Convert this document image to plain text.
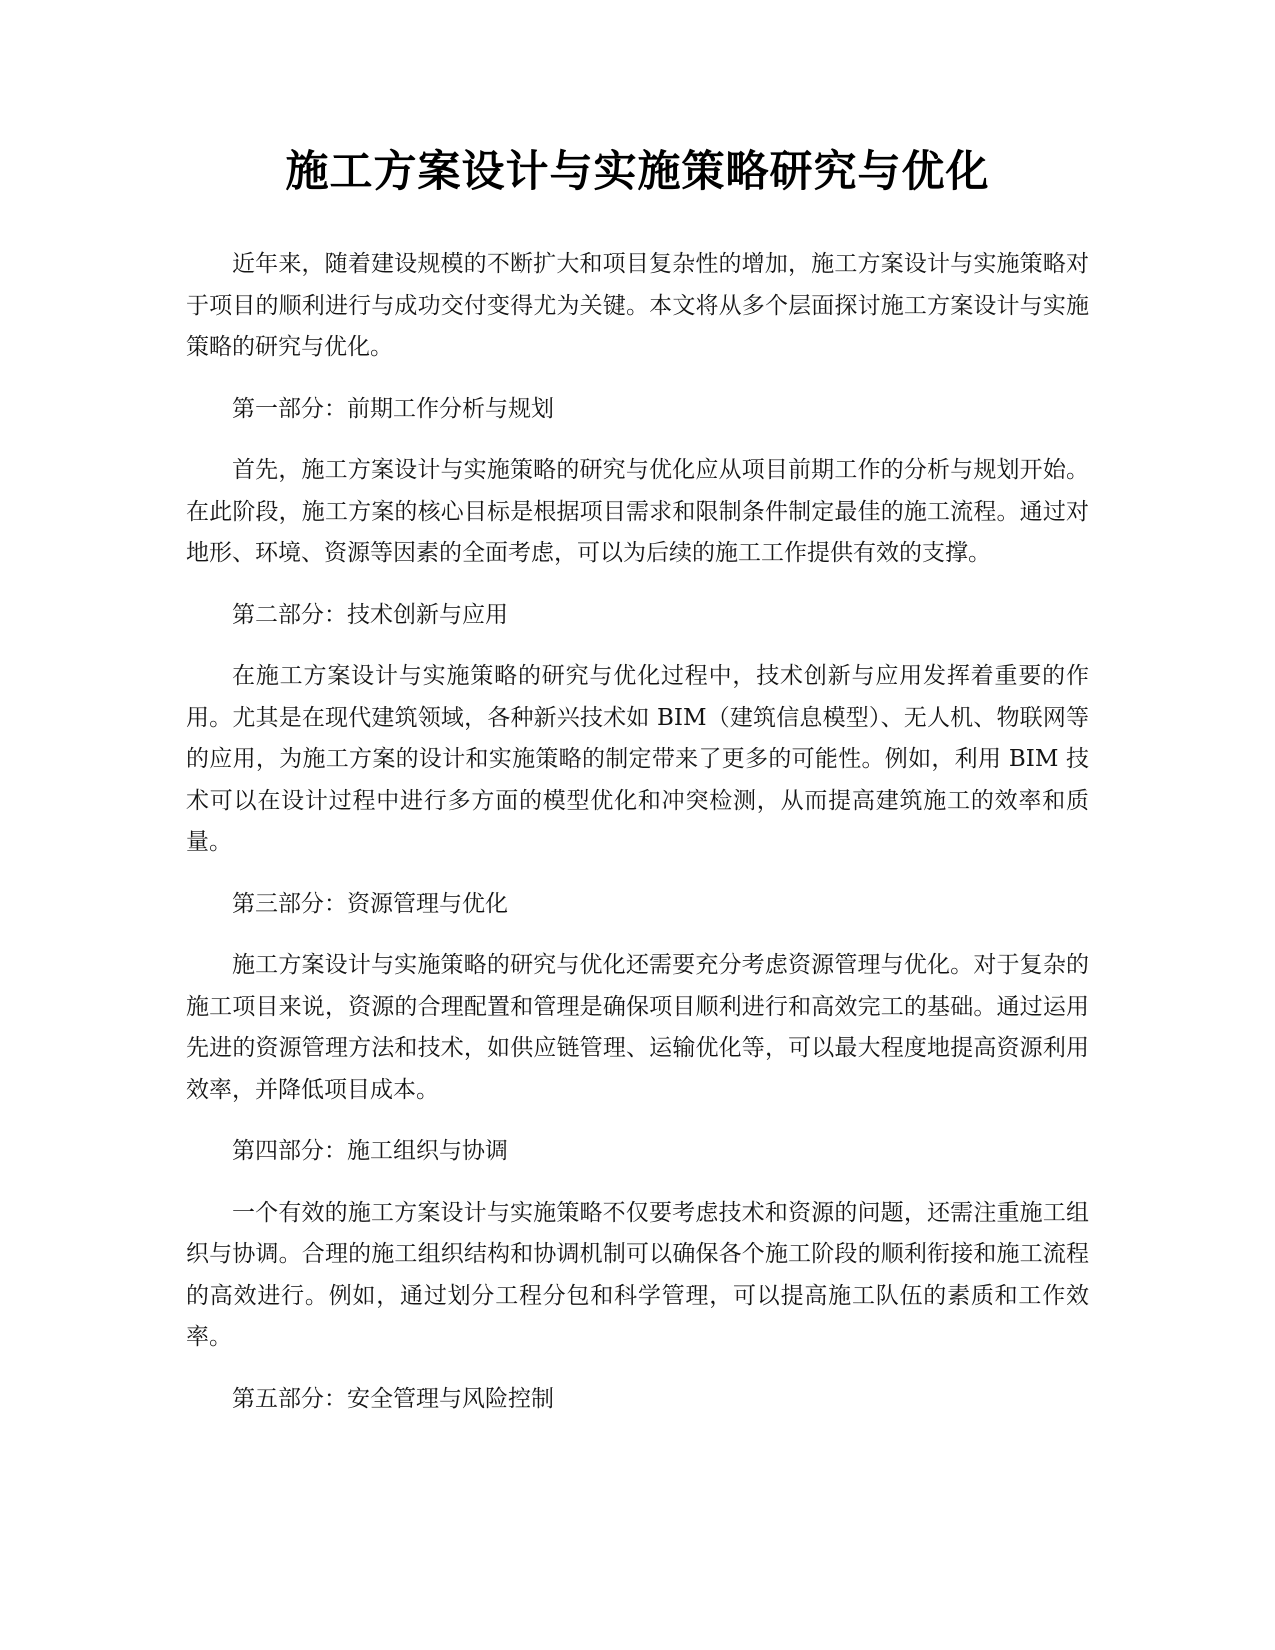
施工方案设计与实施策略研究与优化

近年来，随着建设规模的不断扩大和项目复杂性的增加，施工方案设计与实施策略对于项目的顺利进行与成功交付变得尤为关键。本文将从多个层面探讨施工方案设计与实施策略的研究与优化。

第一部分：前期工作分析与规划

首先，施工方案设计与实施策略的研究与优化应从项目前期工作的分析与规划开始。在此阶段，施工方案的核心目标是根据项目需求和限制条件制定最佳的施工流程。通过对地形、环境、资源等因素的全面考虑，可以为后续的施工工作提供有效的支撑。

第二部分：技术创新与应用

在施工方案设计与实施策略的研究与优化过程中，技术创新与应用发挥着重要的作用。尤其是在现代建筑领域，各种新兴技术如 BIM（建筑信息模型）、无人机、物联网等的应用，为施工方案的设计和实施策略的制定带来了更多的可能性。例如，利用 BIM 技术可以在设计过程中进行多方面的模型优化和冲突检测，从而提高建筑施工的效率和质量。

第三部分：资源管理与优化

施工方案设计与实施策略的研究与优化还需要充分考虑资源管理与优化。对于复杂的施工项目来说，资源的合理配置和管理是确保项目顺利进行和高效完工的基础。通过运用先进的资源管理方法和技术，如供应链管理、运输优化等，可以最大程度地提高资源利用效率，并降低项目成本。

第四部分：施工组织与协调

一个有效的施工方案设计与实施策略不仅要考虑技术和资源的问题，还需注重施工组织与协调。合理的施工组织结构和协调机制可以确保各个施工阶段的顺利衔接和施工流程的高效进行。例如，通过划分工程分包和科学管理，可以提高施工队伍的素质和工作效率。

第五部分：安全管理与风险控制
